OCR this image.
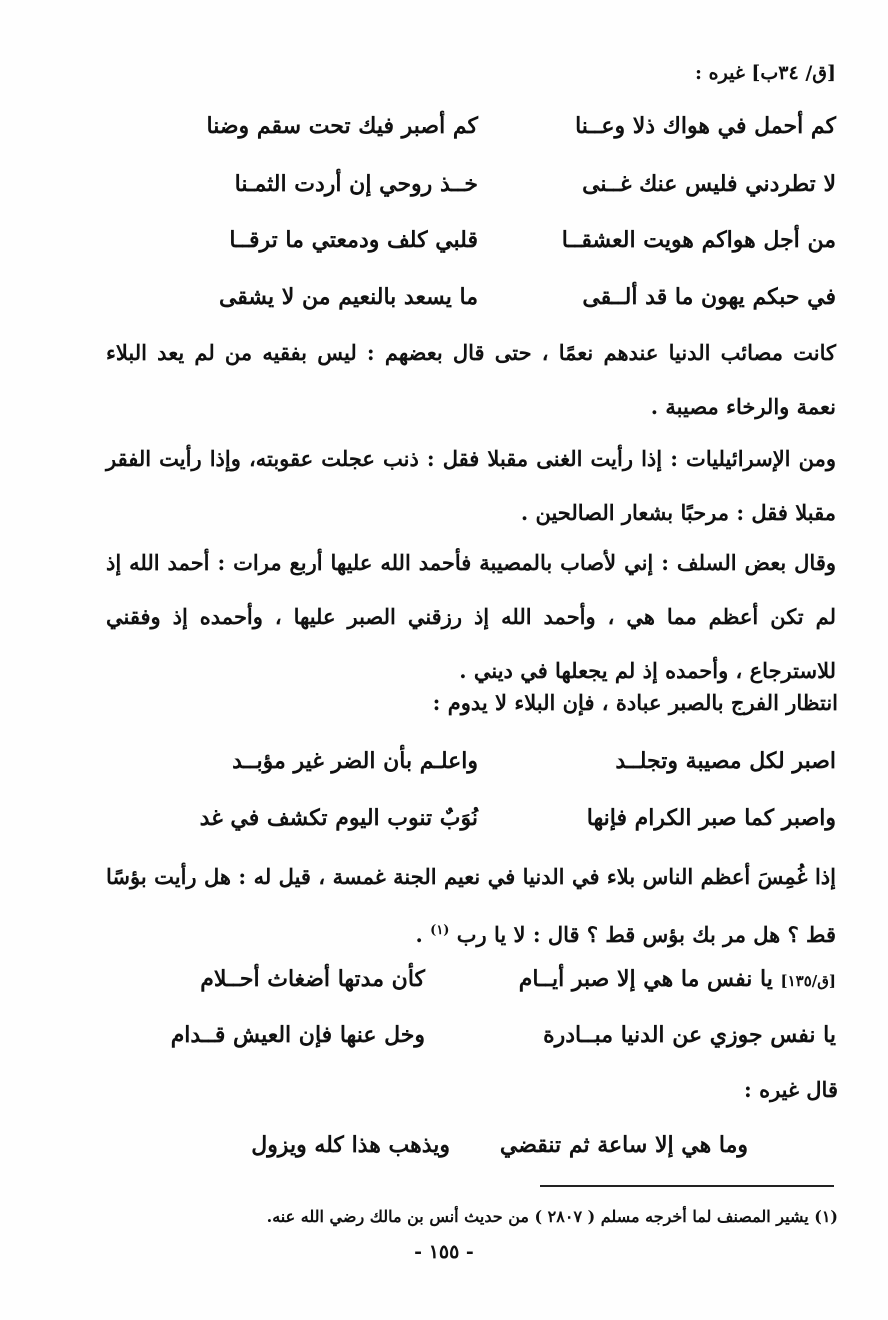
[ق/ ٣٤ب] غيره :
كم أحمل في هواك ذلا وعــنا
كم أصبر فيك تحت سقم وضنا
لا تطردني فليس عنك غــنى
خــذ روحي إن أردت الثمـنا
من أجل هواكم هويت العشقــا
قلبي كلف ودمعتي ما ترقــا
في حبكم يهون ما قد ألــقى
ما يسعد بالنعيم من لا يشقى
كانت مصائب الدنيا عندهم نعمًا ، حتى قال بعضهم : ليس بفقيه من لم يعد البلاء نعمة والرخاء مصيبة .
ومن الإسرائيليات : إذا رأيت الغنى مقبلا فقل : ذنب عجلت عقوبته، وإذا رأيت الفقر مقبلا فقل : مرحبًا بشعار الصالحين .
وقال بعض السلف : إني لأصاب بالمصيبة فأحمد الله عليها أربع مرات : أحمد الله إذ لم تكن أعظم مما هي ، وأحمد الله إذ رزقني الصبر عليها ، وأحمده إذ وفقني للاسترجاع ، وأحمده إذ لم يجعلها في ديني .
انتظار الفرج بالصبر عبادة ، فإن البلاء لا يدوم :
اصبر لكل مصيبة وتجلــد
واعلـم بأن الضر غير مؤبــد
واصبر كما صبر الكرام فإنها
نُوَبٌ تنوب اليوم تكشف في غد
إذا غُمِسَ أعظم الناس بلاء في الدنيا في نعيم الجنة غمسة ، قيل له : هل رأيت بؤسًا قط ؟ هل مر بك بؤس قط ؟ قال : لا يا رب $^{(١)}$ .
[ق/١٣٥] يا نفس ما هي إلا صبر أيــام
كأن مدتها أضغاث أحــلام
يا نفس جوزي عن الدنيا مبــادرة
وخل عنها فإن العيش قــدام
قال غيره :
وما هي إلا ساعة ثم تنقضي
ويذهب هذا كله ويزول
(١) يشير المصنف لما أخرجه مسلم ( ٢٨٠٧ ) من حديث أنس بن مالك رضي الله عنه.
- ١٥٥ -
